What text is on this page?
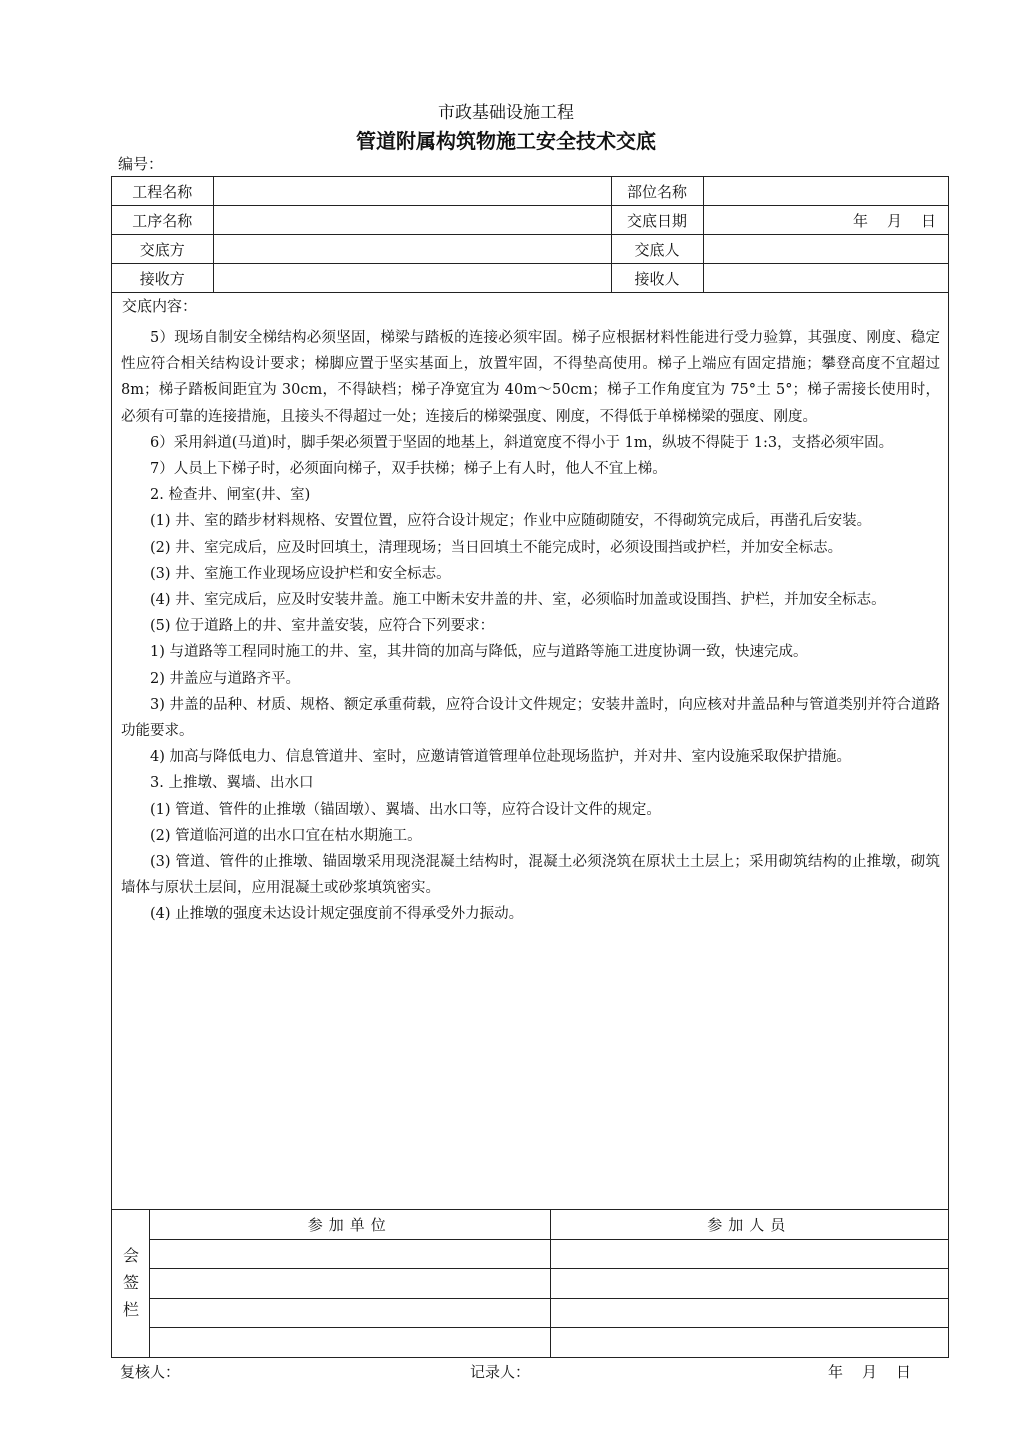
市政基础设施工程
管道附属构筑物施工安全技术交底
编号：
工程名称		部位名称	
工序名称		交底日期	年　月　日
交底方		交底人	
接收方		接收人	
交底内容：

5）现场自制安全梯结构必须坚固，梯梁与踏板的连接必须牢固。梯子应根据材料性能进行受力验算，其强度、刚度、稳定性应符合相关结构设计要求；梯脚应置于坚实基面上，放置牢固，不得垫高使用。梯子上端应有固定措施；攀登高度不宜超过 8m；梯子踏板间距宜为 30cm，不得缺档；梯子净宽宜为 40m～50cm；梯子工作角度宜为 75°土 5°；梯子需接长使用时，必须有可靠的连接措施，且接头不得超过一处；连接后的梯梁强度、刚度，不得低于单梯梯梁的强度、刚度。

6）采用斜道(马道)时，脚手架必须置于坚固的地基上，斜道宽度不得小于 1m，纵坡不得陡于 1:3，支搭必须牢固。

7）人员上下梯子时，必须面向梯子，双手扶梯；梯子上有人时，他人不宜上梯。

2. 检查井、闸室(井、室)

(1) 井、室的踏步材料规格、安置位置，应符合设计规定；作业中应随砌随安，不得砌筑完成后，再凿孔后安装。

(2) 井、室完成后，应及时回填土，清理现场；当日回填土不能完成时，必须设围挡或护栏，并加安全标志。

(3) 井、室施工作业现场应设护栏和安全标志。

(4) 井、室完成后，应及时安装井盖。施工中断未安井盖的井、室，必须临时加盖或设围挡、护栏，并加安全标志。

(5) 位于道路上的井、室井盖安装，应符合下列要求：

1) 与道路等工程同时施工的井、室，其井筒的加高与降低，应与道路等施工进度协调一致，快速完成。

2) 井盖应与道路齐平。

3) 井盖的品种、材质、规格、额定承重荷载，应符合设计文件规定；安装井盖时，向应核对井盖品种与管道类别并符合道路功能要求。

4) 加高与降低电力、信息管道井、室时，应邀请管道管理单位赴现场监护，并对井、室内设施采取保护措施。

3. 上推墩、翼墙、出水口

(1) 管道、管件的止推墩（锚固墩）、翼墙、出水口等，应符合设计文件的规定。

(2) 管道临河道的出水口宜在枯水期施工。

(3) 管道、管件的止推墩、锚固墩采用现浇混凝土结构时，混凝土必须浇筑在原状土土层上；采用砌筑结构的止推墩，砌筑墙体与原状土层间，应用混凝土或砂浆填筑密实。

(4) 止推墩的强度未达设计规定强度前不得承受外力振动。

会
签
栏
参加单位	参加人员

复核人：	记录人：	年　月　日
